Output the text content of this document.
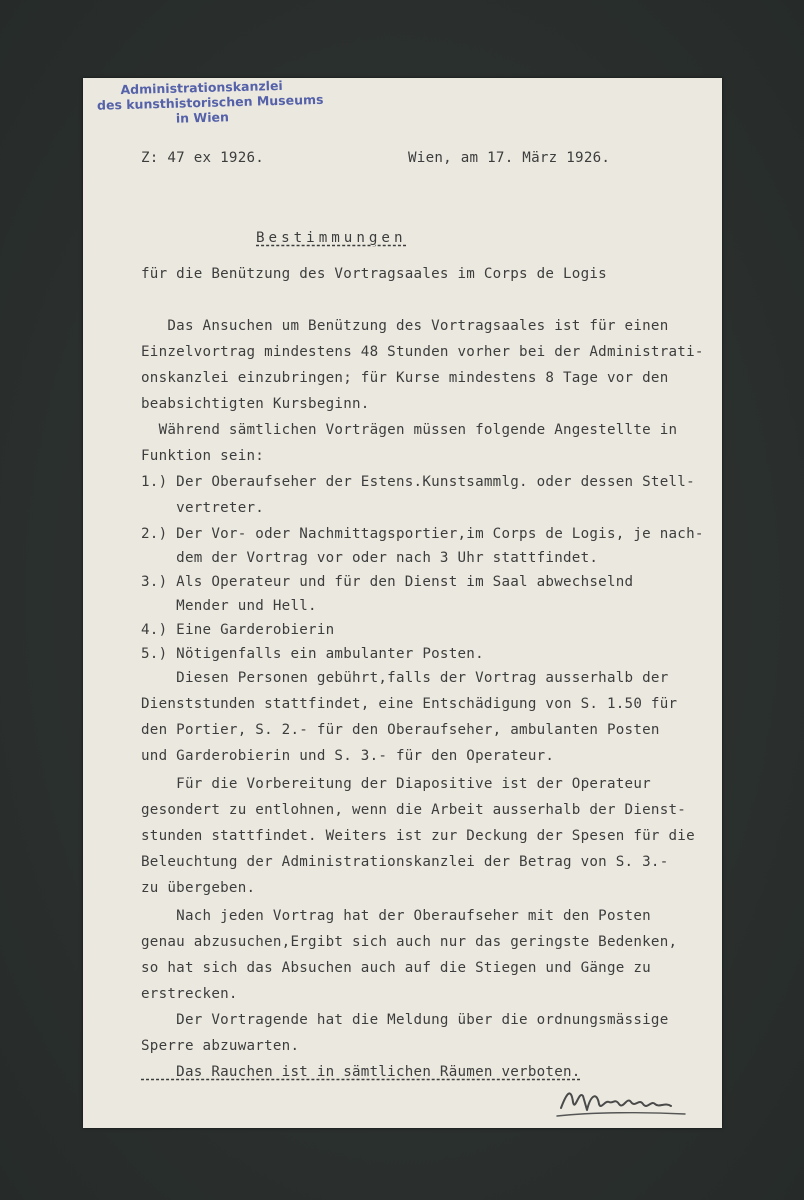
Administrationskanzlei
des kunsthistorischen Museums
in Wien
Z: 47 ex 1926.	Wien, am 17. März 1926.
Bestimmungen
für die Benützung des Vortragsaales im Corps de Logis
Das Ansuchen um Benützung des Vortragsaales ist für einen
Einzelvortrag mindestens 48 Stunden vorher bei der Administrati-
onskanzlei einzubringen; für Kurse mindestens 8 Tage vor den
beabsichtigten Kursbeginn.
Während sämtlichen Vorträgen müssen folgende Angestellte in
Funktion sein:
1.) Der Oberaufseher der Estens.Kunstsammlg. oder dessen Stell-
vertreter.
2.) Der Vor- oder Nachmittagsportier,im Corps de Logis, je nach-
dem der Vortrag vor oder nach 3 Uhr stattfindet.
3.) Als Operateur und für den Dienst im Saal abwechselnd
Mender und Hell.
4.) Eine Garderobierin
5.) Nötigenfalls ein ambulanter Posten.
Diesen Personen gebührt,falls der Vortrag ausserhalb der
Dienststunden stattfindet, eine Entschädigung von S. 1.50 für
den Portier, S. 2.- für den Oberaufseher, ambulanten Posten
und Garderobierin und S. 3.- für den Operateur.
Für die Vorbereitung der Diapositive ist der Operateur
gesondert zu entlohnen, wenn die Arbeit ausserhalb der Dienst-
stunden stattfindet. Weiters ist zur Deckung der Spesen für die
Beleuchtung der Administrationskanzlei der Betrag von S. 3.-
zu übergeben.
Nach jeden Vortrag hat der Oberaufseher mit den Posten
genau abzusuchen,Ergibt sich auch nur das geringste Bedenken,
so hat sich das Absuchen auch auf die Stiegen und Gänge zu
erstrecken.
Der Vortragende hat die Meldung über die ordnungsmässige
Sperre abzuwarten.
Das Rauchen ist in sämtlichen Räumen verboten.
